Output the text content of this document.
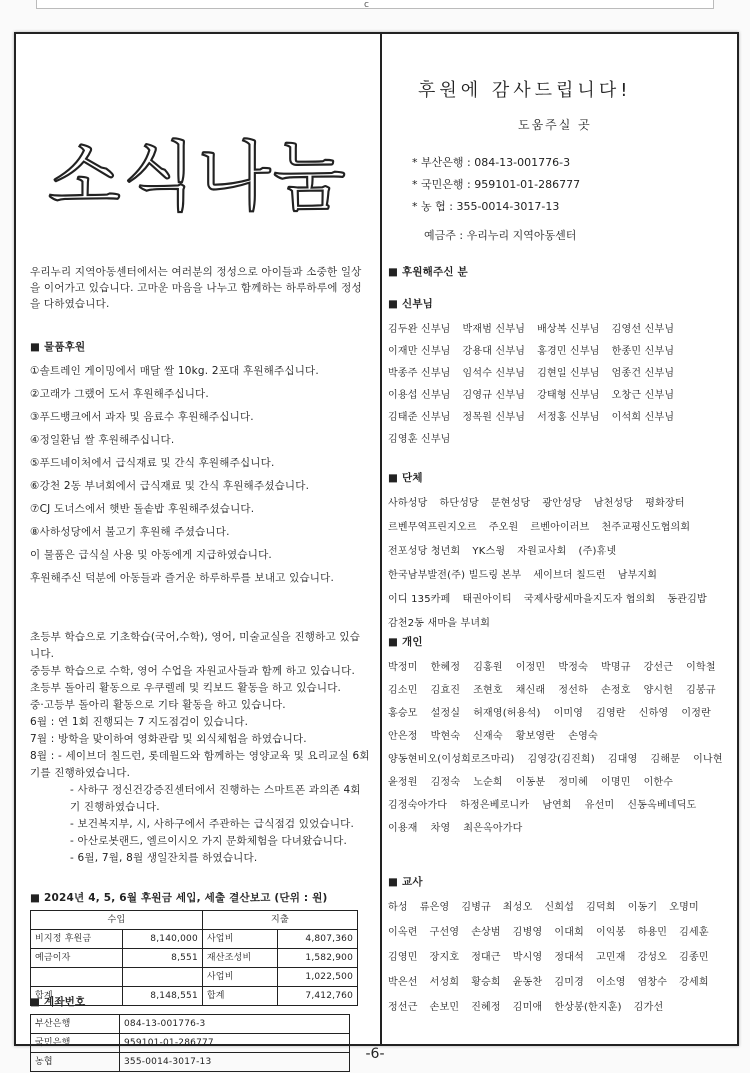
c
소식나눔
우리누리 지역아동센터에서는 여러분의 정성으로 아이들과 소중한 일상을 이어가고 있습니다. 고마운 마음을 나누고 함께하는 하루하루에 정성을 다하였습니다.

■ 물품후원

①솔트레인 게이밍에서 매달 쌀 10kg. 2포대 후원해주십니다.

②고래가 그랬어 도서 후원해주십니다.

③푸드뱅크에서 과자 및 음료수 후원해주십니다.

④정일환님 쌀 후원해주십니다.

⑤푸드네이처에서 급식재료 및 간식 후원해주십니다.

⑥강천 2동 부녀회에서 급식재료 및 간식 후원해주셨습니다.

⑦CJ 도너스에서 햇반 돌솥밥 후원해주셨습니다.

⑧사하성당에서 불고기 후원해 주셨습니다.

이 물품은 급식실 사용 및 아동에게 지급하였습니다.

후원해주신 덕분에 아동들과 즐거운 하루하루를 보내고 있습니다.

초등부 학습으로 기초학습(국어,수학), 영어, 미술교실을 진행하고 있습니다.

중등부 학습으로 수학, 영어 수업을 자원교사들과 함께 하고 있습니다.

초등부 돌아리 활동으로 우쿠렐레 및 킥보드 활동을 하고 있습니다.

중·고등부 돌아리 활동으로 기타 활동을 하고 있습니다.

6월 : 연 1회 진행되는 7 지도점검이 있습니다.

7월 : 방학을 맞이하여 영화관람 및 외식체험을 하였습니다.

8월 : - 세이브더 칠드런, 롯데월드와 함께하는 영양교육 및 요리교실 6회기를 진행하였습니다.

- 사하구 정신건강증진센터에서 진행하는 스마트폰 과의존 4회기 진행하였습니다.

- 보건복지부, 시, 사하구에서 주관하는 급식점검 있었습니다.

- 아산로봇랜드, 엘르이시오 가지 문화체험을 다녀왔습니다.

- 6월, 7월, 8월 생일잔치를 하였습니다.

■ 2024년 4, 5, 6월 후원금 세입, 세출 결산보고 (단위 : 원)

수입		지출	
비지정 후원금	8,140,000	사업비	4,807,360
예금이자	8,551	재산조성비	1,582,900
		사업비	1,022,500
합계	8,148,551	합계	7,412,760

■ 계좌번호

부산은행	084-13-001776-3
국민은행	959101-01-286777
농협	355-0014-3017-13
후원에 감사드립니다!
도움주실 곳
* 부산은행 : 084-13-001776-3
* 국민은행 : 959101-01-286777
* 농 협 : 355-0014-3017-13
예금주 : 우리누리 지역아동센터

■ 후원해주신 분

■ 신부님

김두완 신부님 박재범 신부님 배상복 신부님 김영선 신부님
이재만 신부님 강용대 신부님 홍경민 신부님 한종민 신부님
박종주 신부님 임석수 신부님 김현일 신부님 엄종건 신부님
이용섭 신부님 김영규 신부님 강태형 신부님 오창근 신부님
김태준 신부님 정목원 신부님 서정홍 신부님 이석희 신부님
김영훈 신부님

■ 단체

사하성당 하단성당 문현성당 광안성당 남천성당 평화장터
르벤무역프린지오르 주오원 르벤아이러브 천주교평신도협의회
전포성당 청년회 YK스윙 자원교사회 (주)휴넷
한국남부발전(주) 빌드링 본부 세이브더 칠드런 남부지회
이디 135카페 태권아이티 국제사랑세마을지도자 협의회 동관김밥
감천2동 새마을 부녀회

■ 개인

박정미 한혜정 김홍원 이정민 박정숙 박명규 강선근 이학철
김소민 김효진 조현호 채신래 정선하 손정호 양시헌 김봉규
홍승모 설정실 허재영(허용석) 이미영 김영란 신하영 이정란
안은정 박현숙 신재숙 황보영란 손영숙
양동현비오(이성희로즈마리) 김영강(김진희) 김대영 김해문 이나현
윤정원 김정숙 노순희 이동분 정미혜 이명민 이한수
김정숙아가다 하정은베로니카 남연희 유선미 신동옥베네딕도
이용재 차영 최은옥아가다

■ 교사

하성 류은영 김병규 최성오 신희섭 김덕희 이동기 오명미
이옥련 구선영 손상범 김병영 이대희 이익봉 하용민 김세훈
김영민 장지호 정대근 박시영 정대석 고민재 강성오 김종민
박은선 서성희 황승희 윤동찬 김미경 이소영 염창수 강세희
정선근 손보민 진혜정 김미애 한상봉(한지훈) 김가선
-6-
